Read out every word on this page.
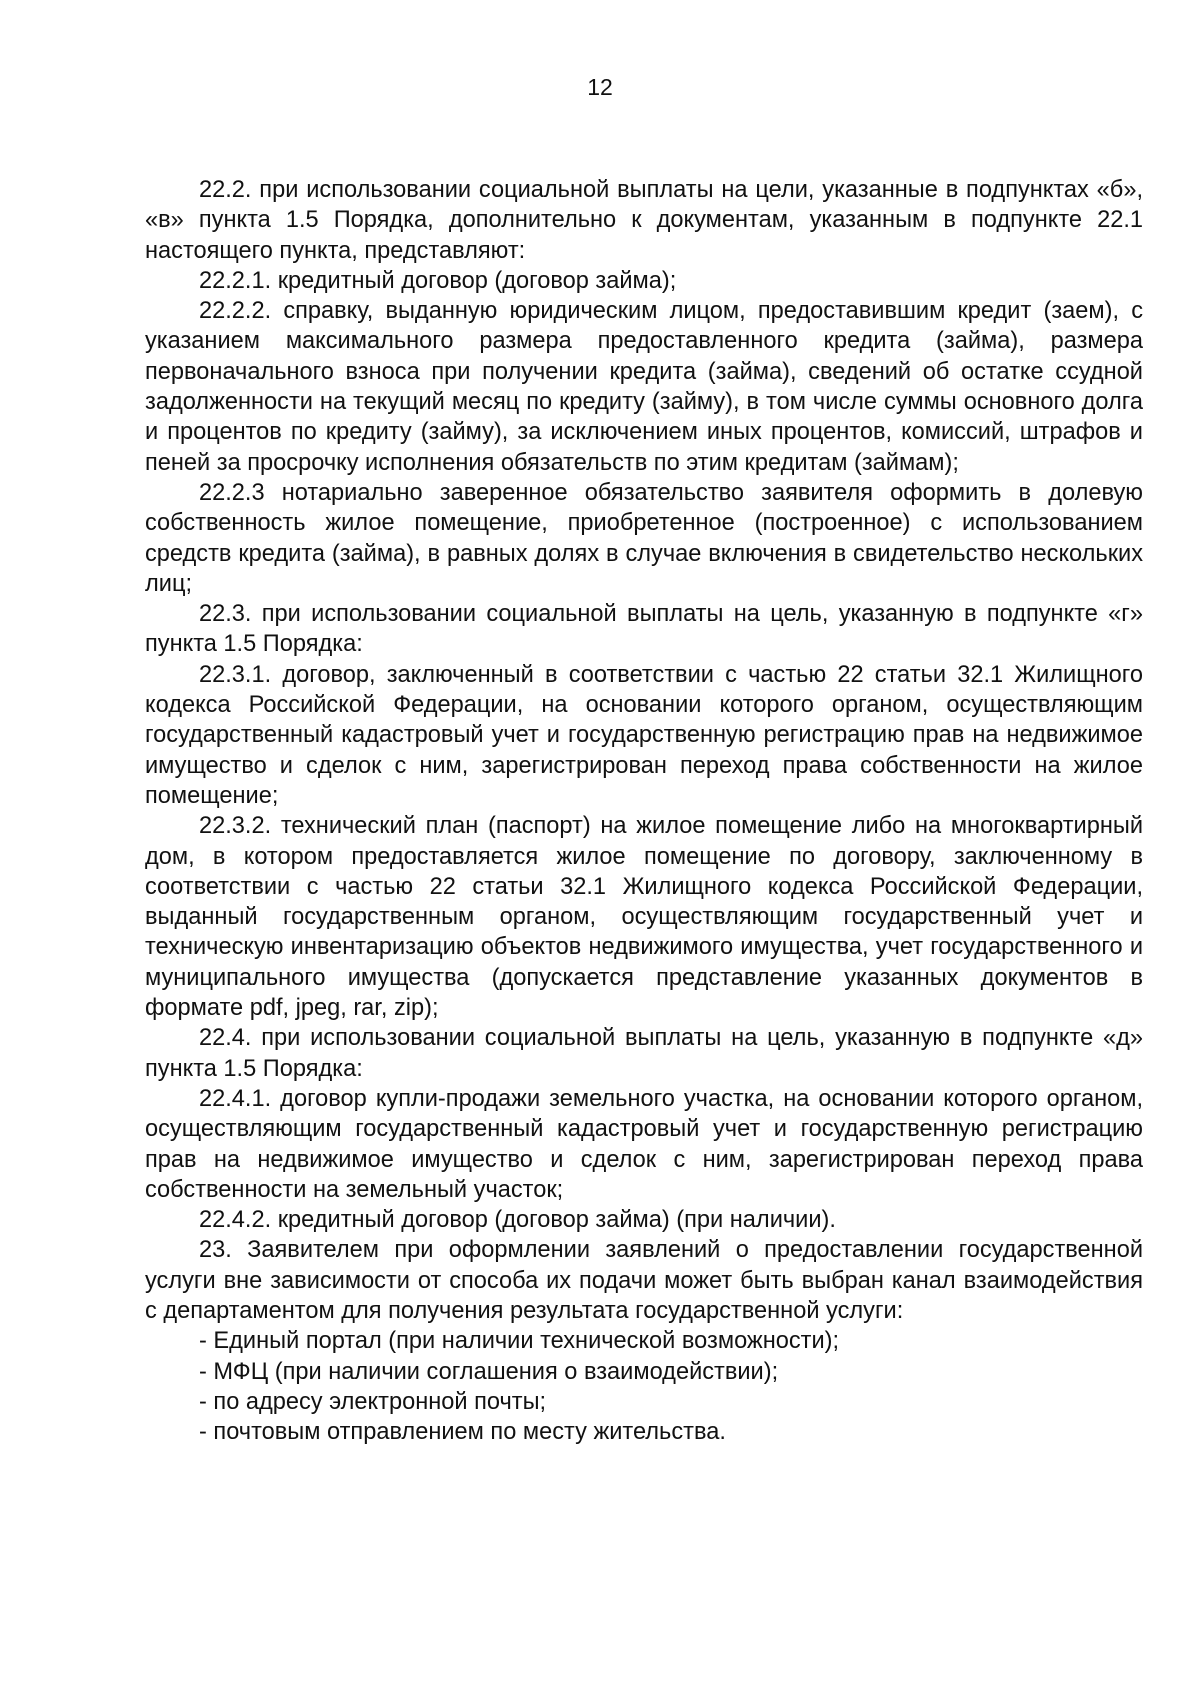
12

22.2. при использовании социальной выплаты на цели, указанные в подпунктах «б», «в» пункта 1.5 Порядка, дополнительно к документам, указанным в подпункте 22.1 настоящего пункта, представляют:

22.2.1. кредитный договор (договор займа);

22.2.2. справку, выданную юридическим лицом, предоставившим кредит (заем), с указанием максимального размера предоставленного кредита (займа), размера первоначального взноса при получении кредита (займа), сведений об остатке ссудной задолженности на текущий месяц по кредиту (займу), в том числе суммы основного долга и процентов по кредиту (займу), за исключением иных процентов, комиссий, штрафов и пеней за просрочку исполнения обязательств по этим кредитам (займам);

22.2.3 нотариально заверенное обязательство заявителя оформить в долевую собственность жилое помещение, приобретенное (построенное) с использованием средств кредита (займа), в равных долях в случае включения в свидетельство нескольких лиц;

22.3. при использовании социальной выплаты на цель, указанную в подпункте «г» пункта 1.5 Порядка:

22.3.1. договор, заключенный в соответствии с частью 22 статьи 32.1 Жилищного кодекса Российской Федерации, на основании которого органом, осуществляющим государственный кадастровый учет и государственную регистрацию прав на недвижимое имущество и сделок с ним, зарегистрирован переход права собственности на жилое помещение;

22.3.2. технический план (паспорт) на жилое помещение либо на многоквартирный дом, в котором предоставляется жилое помещение по договору, заключенному в соответствии с частью 22 статьи 32.1 Жилищного кодекса Российской Федерации, выданный государственным органом, осуществляющим государственный учет и техническую инвентаризацию объектов недвижимого имущества, учет государственного и муниципального имущества (допускается представление указанных документов в формате pdf, jpeg, rar, zip);

22.4. при использовании социальной выплаты на цель, указанную в подпункте «д» пункта 1.5 Порядка:

22.4.1. договор купли-продажи земельного участка, на основании которого органом, осуществляющим государственный кадастровый учет и государственную регистрацию прав на недвижимое имущество и сделок с ним, зарегистрирован переход права собственности на земельный участок;

22.4.2. кредитный договор (договор займа) (при наличии).

23. Заявителем при оформлении заявлений о предоставлении государственной услуги вне зависимости от способа их подачи может быть выбран канал взаимодействия с департаментом для получения результата государственной услуги:

- Единый портал (при наличии технической возможности);

- МФЦ (при наличии соглашения о взаимодействии);

- по адресу электронной почты;

- почтовым отправлением по месту жительства.
